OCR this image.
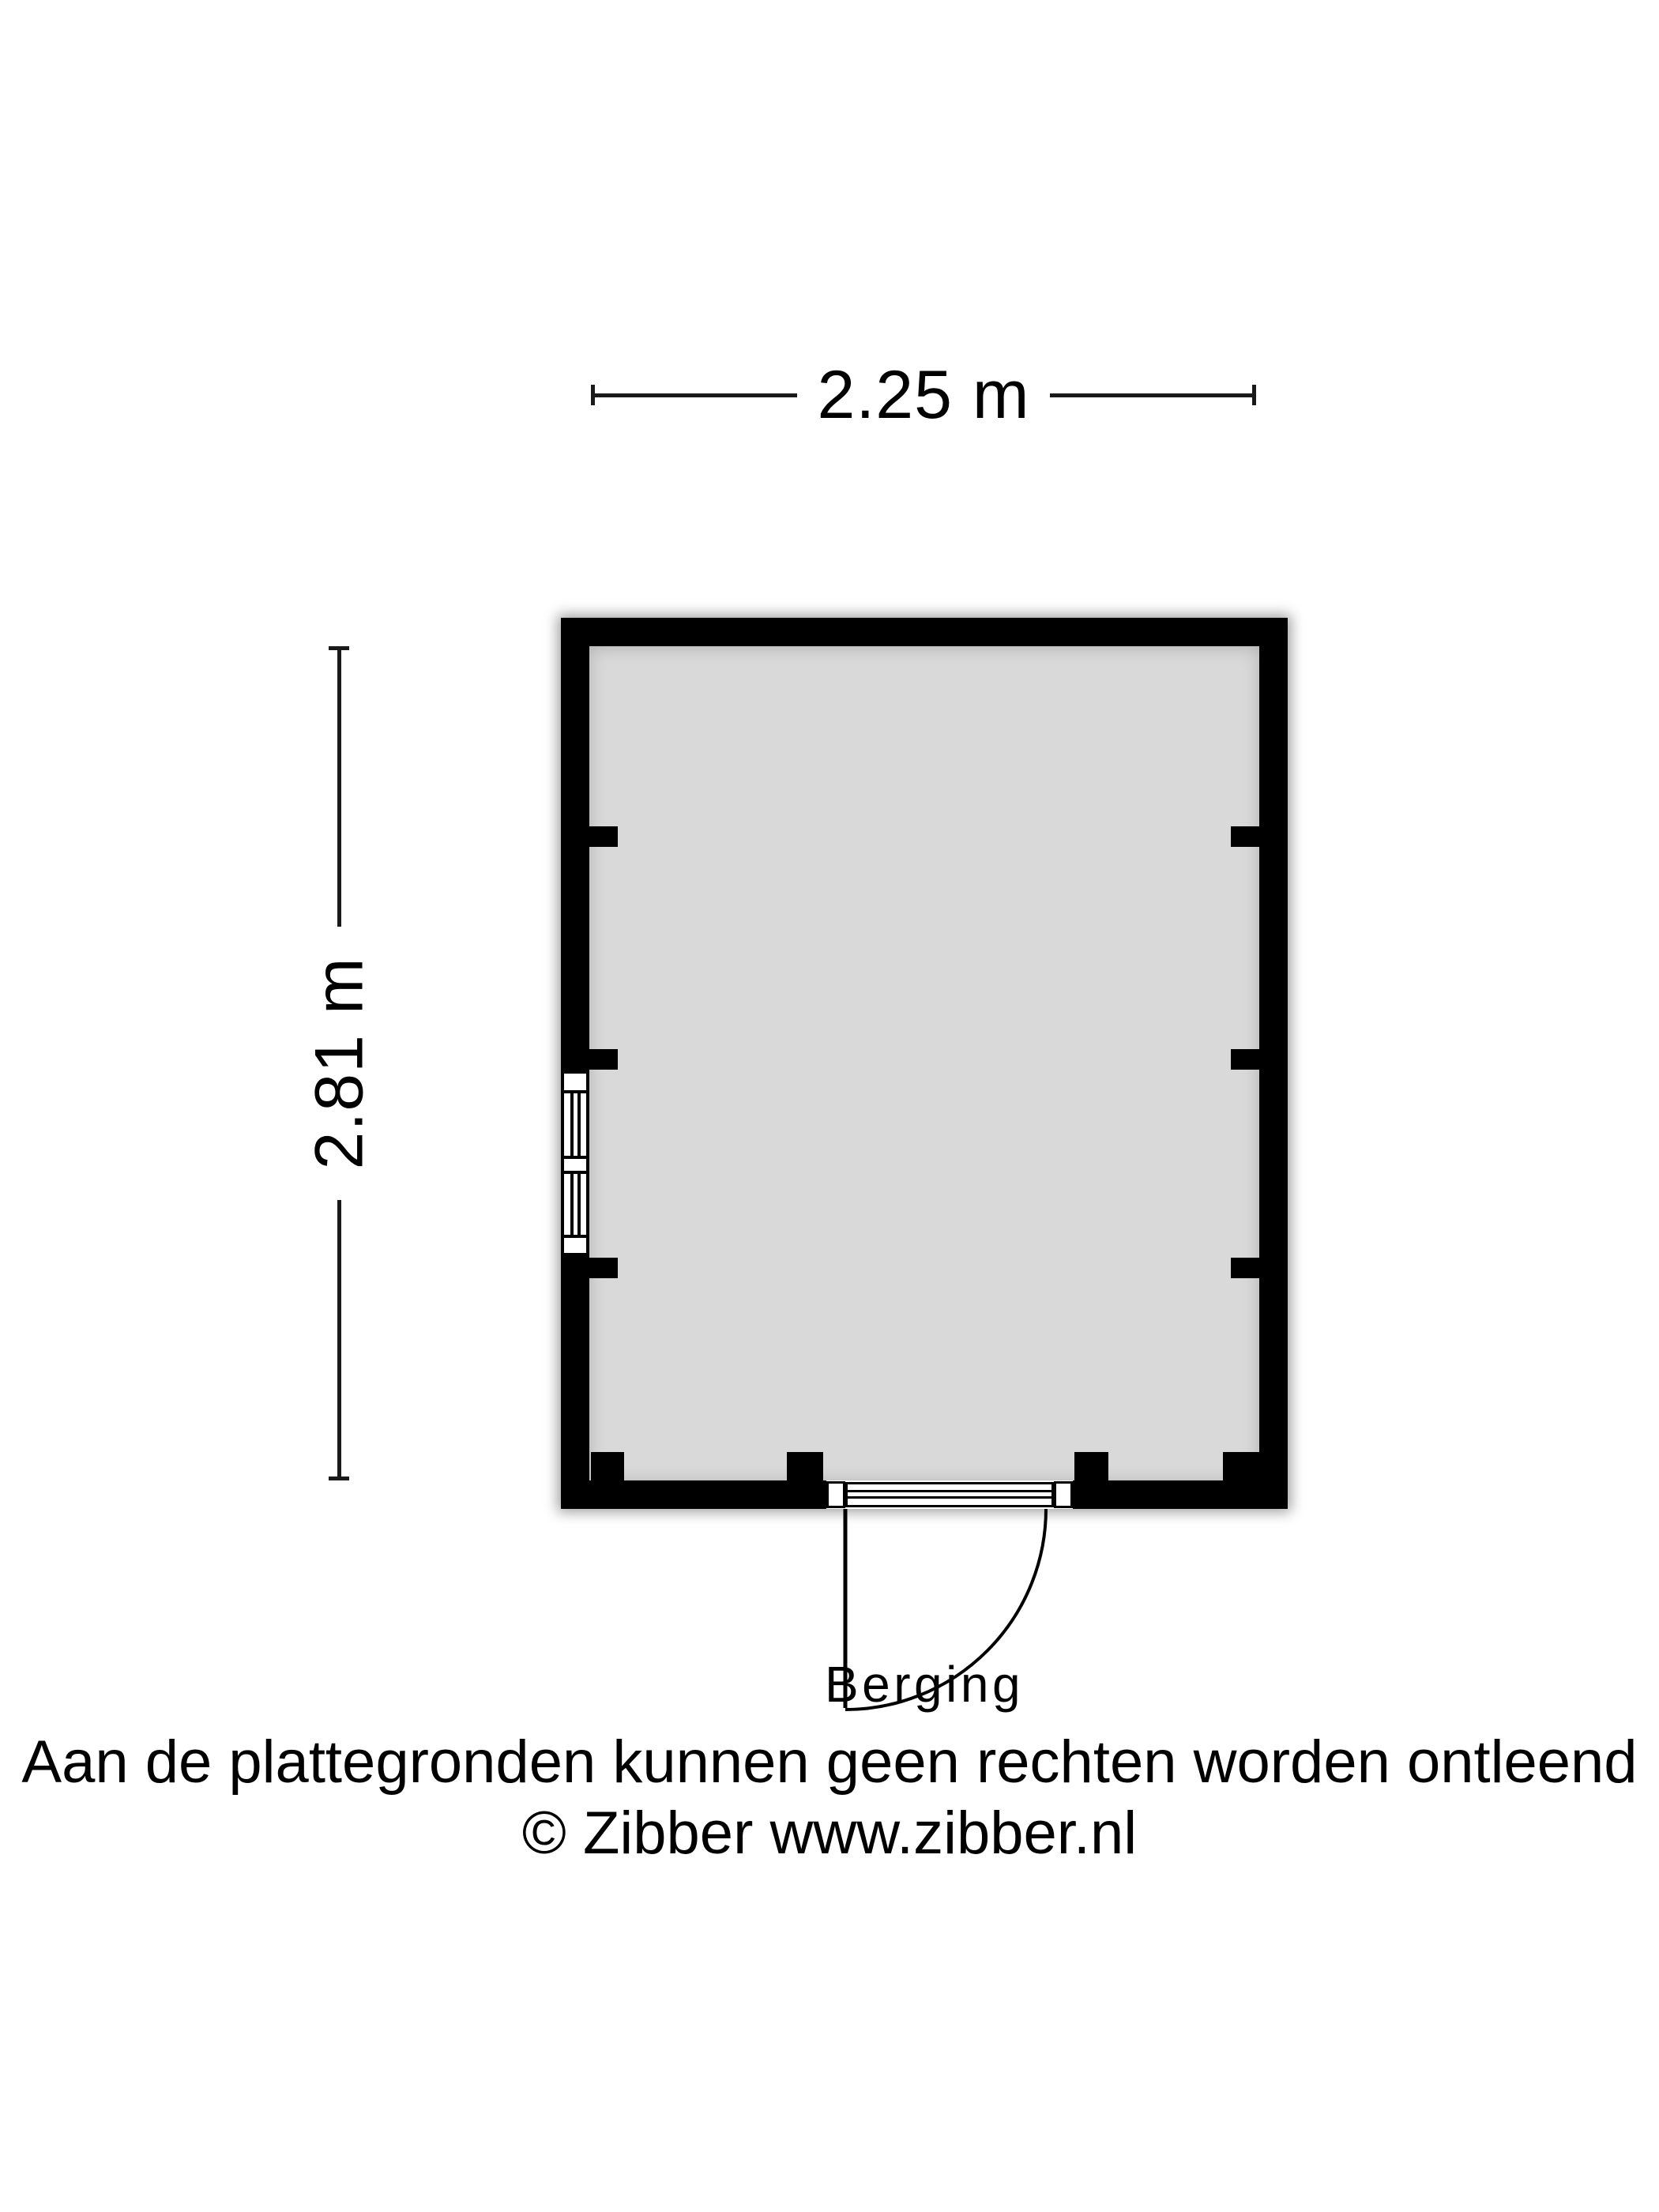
2.25 m
2.81 m
Berging
Aan de plattegronden kunnen geen rechten worden ontleend
© Zibber www.zibber.nl
